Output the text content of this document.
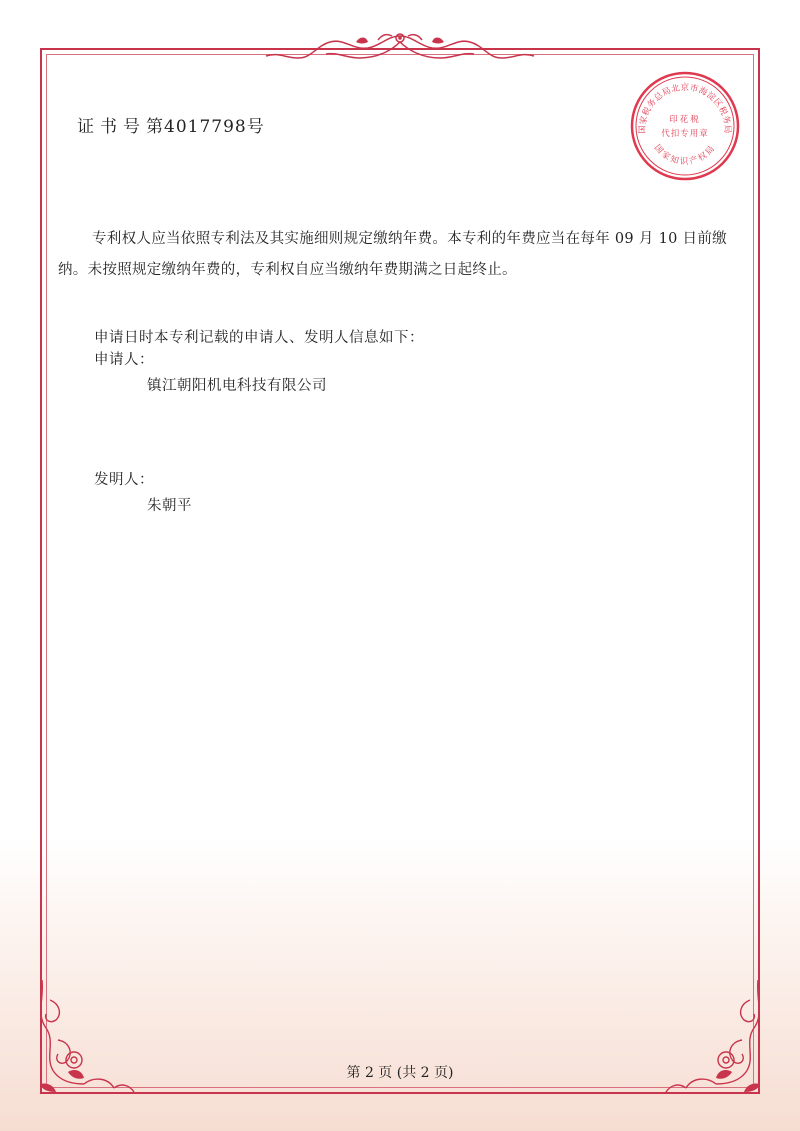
国家税务总局北京市海淀区税务局
印花税
代扣专用章
国家知识产权局
证书号第4017798号
专利权人应当依照专利法及其实施细则规定缴纳年费。本专利的年费应当在每年 09 月 10 日前缴纳。未按照规定缴纳年费的，专利权自应当缴纳年费期满之日起终止。
申请日时本专利记载的申请人、发明人信息如下：
申请人：
镇江朝阳机电科技有限公司
发明人：
朱朝平
第 2 页 (共 2 页)
